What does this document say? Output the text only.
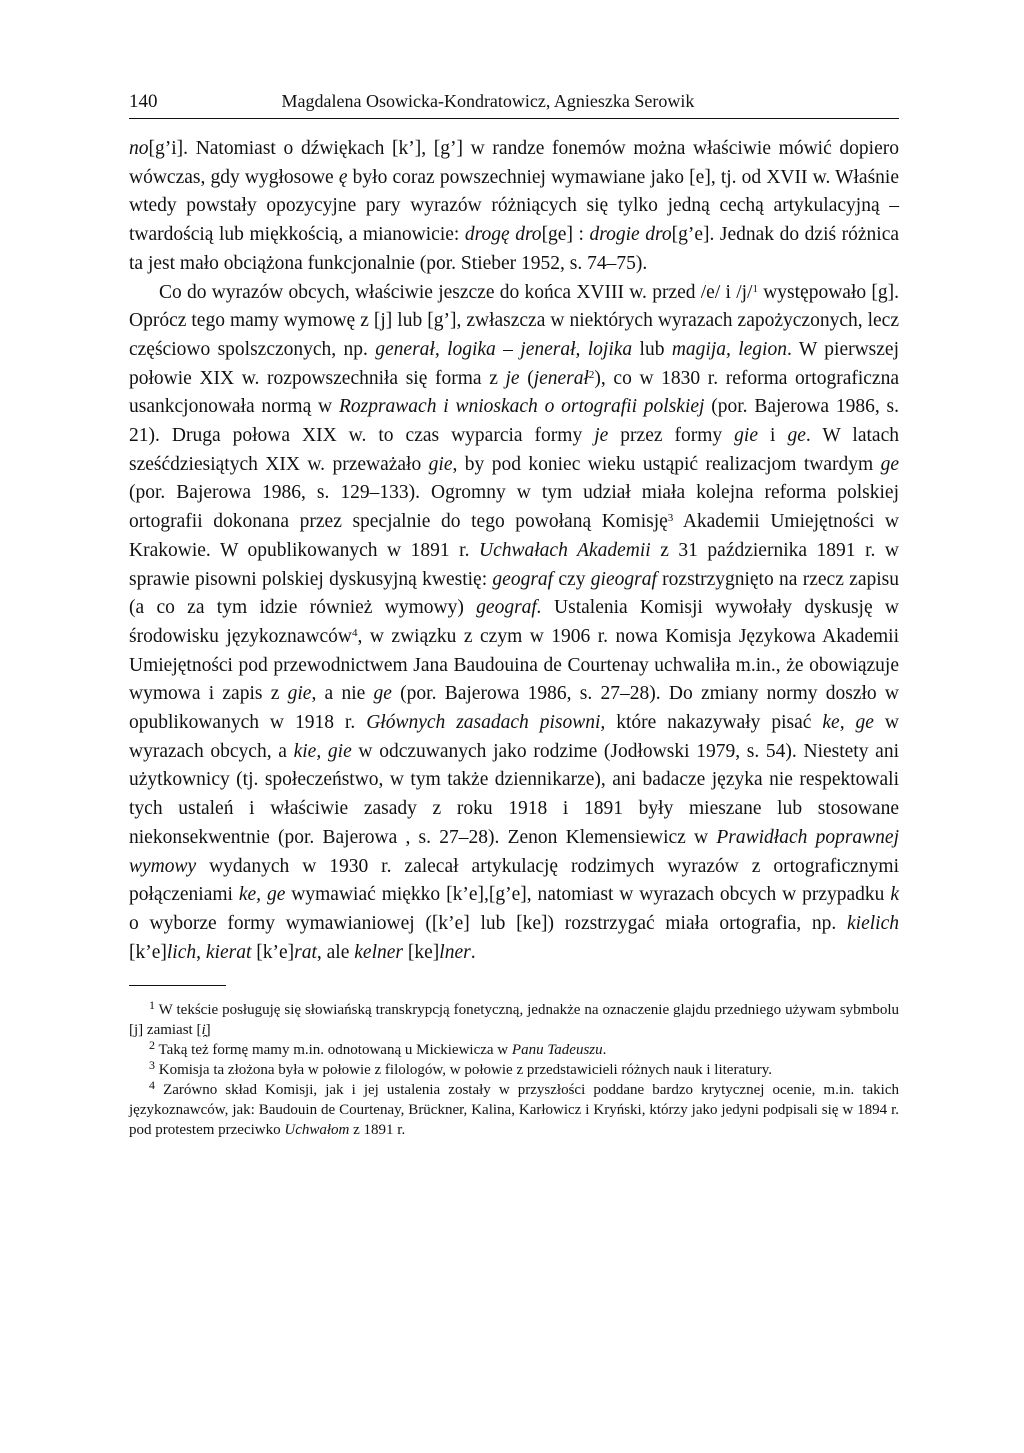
140	Magdalena Osowicka-Kondratowicz, Agnieszka Serowik

no[g’i]. Natomiast o dźwiękach [k’], [g’] w randze fonemów można właściwie mówić dopiero wówczas, gdy wygłosowe ę było coraz powszechniej wymawiane jako [e], tj. od XVII w. Właśnie wtedy powstały opozycyjne pary wyrazów różniących się tylko jedną cechą artykulacyjną – twardością lub miękkością, a mianowicie: drogę dro[ge] : drogie dro[g’e]. Jednak do dziś różnica ta jest mało obciążona funkcjonalnie (por. Stieber 1952, s. 74–75).

Co do wyrazów obcych, właściwie jeszcze do końca XVIII w. przed /e/ i /j/$^1$ występowało [g]. Oprócz tego mamy wymowę z [j] lub [g’], zwłaszcza w niektórych wyrazach zapożyczonych, lecz częściowo spolszczonych, np. generał, logika – jenerał, lojika lub magija, legion. W pierwszej połowie XIX w. rozpowszechniła się forma z je (jenerał$^2$), co w 1830 r. reforma ortograficzna usankcjonowała normą w Rozprawach i wnioskach o ortografii polskiej (por. Bajerowa 1986, s. 21). Druga połowa XIX w. to czas wyparcia formy je przez formy gie i ge. W latach sześćdziesiątych XIX w. przeważało gie, by pod koniec wieku ustąpić realizacjom twardym ge (por. Bajerowa 1986, s. 129–133). Ogromny w tym udział miała kolejna reforma polskiej ortografii dokonana przez specjalnie do tego powołaną Komisję$^3$ Akademii Umiejętności w Krakowie. W opublikowanych w 1891 r. Uchwałach Akademii z 31 października 1891 r. w sprawie pisowni polskiej dyskusyjną kwestię: geograf czy gieograf rozstrzygnięto na rzecz zapisu (a co za tym idzie również wymowy) geograf. Ustalenia Komisji wywołały dyskusję w środowisku językoznawców$^4$, w związku z czym w 1906 r. nowa Komisja Językowa Akademii Umiejętności pod przewodnictwem Jana Baudouina de Courtenay uchwaliła m.in., że obowiązuje wymowa i zapis z gie, a nie ge (por. Bajerowa 1986, s. 27–28). Do zmiany normy doszło w opublikowanych w 1918 r. Głównych zasadach pisowni, które nakazywały pisać ke, ge w wyrazach obcych, a kie, gie w odczuwanych jako rodzime (Jodłowski 1979, s. 54). Niestety ani użytkownicy (tj. społeczeństwo, w tym także dziennikarze), ani badacze języka nie respektowali tych ustaleń i właściwie zasady z roku 1918 i 1891 były mieszane lub stosowane niekonsekwentnie (por. Bajerowa , s. 27–28). Zenon Klemensiewicz w Prawidłach poprawnej wymowy wydanych w 1930 r. zalecał artykulację rodzimych wyrazów z ortograficznymi połączeniami ke, ge wymawiać miękko [k’e],[g’e], natomiast w wyrazach obcych w przypadku k o wyborze formy wymawianiowej ([k’e] lub [ke]) rozstrzygać miała ortografia, np. kielich [k’e]lich, kierat [k’e]rat, ale kelner [ke]lner.

$^1$ W tekście posługuję się słowiańską transkrypcją fonetyczną, jednakże na oznaczenie glajdu przedniego używam sybmbolu [j] zamiast [i̯]

$^2$ Taką też formę mamy m.in. odnotowaną u Mickiewicza w Panu Tadeuszu.

$^3$ Komisja ta złożona była w połowie z filologów, w połowie z przedstawicieli różnych nauk i literatury.

$^4$ Zarówno skład Komisji, jak i jej ustalenia zostały w przyszłości poddane bardzo krytycznej ocenie, m.in. takich językoznawców, jak: Baudouin de Courtenay, Brückner, Kalina, Karłowicz i Kryński, którzy jako jedyni podpisali się w 1894 r. pod protestem przeciwko Uchwałom z 1891 r.
